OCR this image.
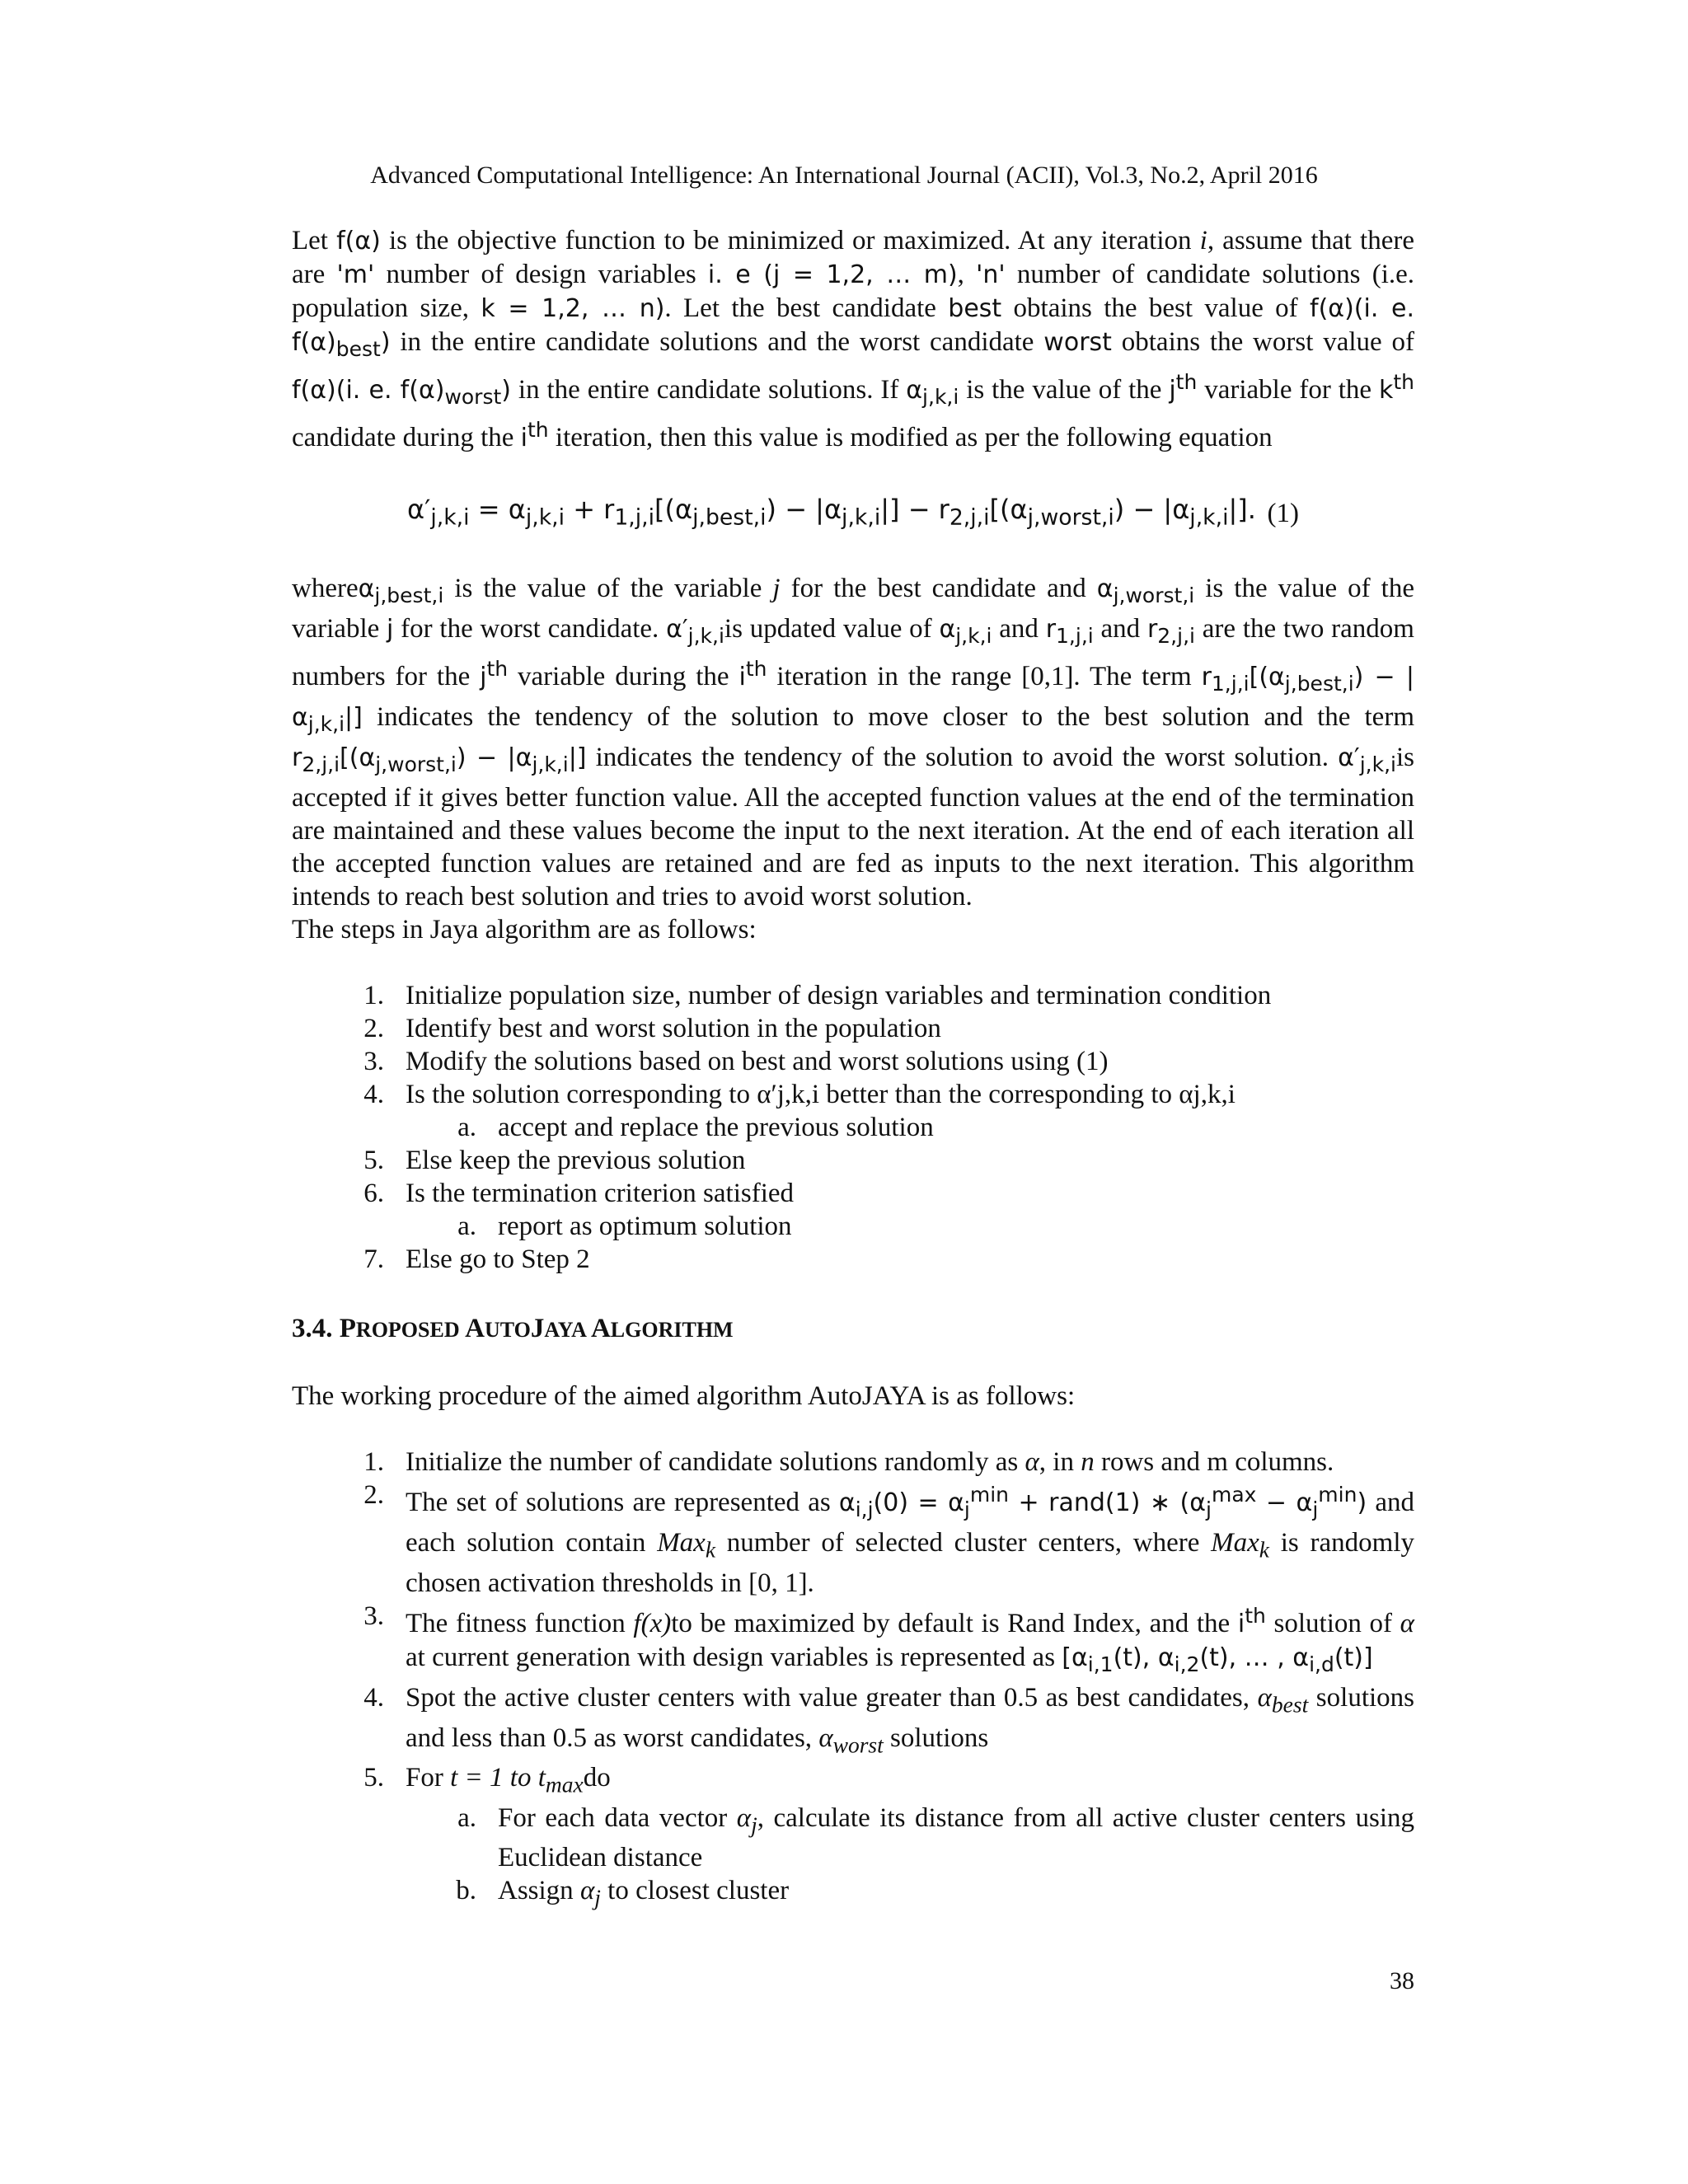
Advanced Computational Intelligence: An International Journal (ACII), Vol.3, No.2, April 2016

Let f(α) is the objective function to be minimized or maximized. At any iteration i, assume that there are 'm' number of design variables i. e (j = 1,2, … m), 'n' number of candidate solutions (i.e. population size, k = 1,2, … n). Let the best candidate best obtains the best value of f(α)(i. e. $f(\alpha)_{best}$) in the entire candidate solutions and the worst candidate worst obtains the worst value of f(α)(i. e. $f(\alpha)_{worst}$) in the entire candidate solutions. If $\alpha_{j,k,i}$ is the value of the $j^{th}$ variable for the $k^{th}$ candidate during the $i^{th}$ iteration, then this value is modified as per the following equation

$\alpha'_{j,k,i} = \alpha_{j,k,i} + r_{1,j,i}[(\alpha_{j,best,i}) - |\alpha_{j,k,i}|] - r_{2,j,i}[(\alpha_{j,worst,i}) - |\alpha_{j,k,i}|]$. (1)

whereα$_{j,best,i}$ is the value of the variable j for the best candidate and $\alpha_{j,worst,i}$ is the value of the variable j for the worst candidate. $\alpha'_{j,k,i}is$ updated value of $\alpha_{j,k,i}$ and $r_{1,j,i}$ and $r_{2,j,i}$ are the two random numbers for the $j^{th}$ variable during the $i^{th}$ iteration in the range [0,1]. The term $r_{1,j,i}[(\alpha_{j,best,i}) - |\alpha_{j,k,i}|]$ indicates the tendency of the solution to move closer to the best solution and the term $r_{2,j,i}[(\alpha_{j,worst,i}) - |\alpha_{j,k,i}|]$ indicates the tendency of the solution to avoid the worst solution. $\alpha'_{j,k,i}is$ accepted if it gives better function value. All the accepted function values at the end of the termination are maintained and these values become the input to the next iteration. At the end of each iteration all the accepted function values are retained and are fed as inputs to the next iteration. This algorithm intends to reach best solution and tries to avoid worst solution.

The steps in Jaya algorithm are as follows:

1. Initialize population size, number of design variables and termination condition
2. Identify best and worst solution in the population
3. Modify the solutions based on best and worst solutions using (1)
4. Is the solution corresponding to α′j,k,i better than the corresponding to αj,k,i
a. accept and replace the previous solution
5. Else keep the previous solution
6. Is the termination criterion satisfied
a. report as optimum solution
7. Else go to Step 2
3.4. PROPOSED AUTOJAYA ALGORITHM

The working procedure of the aimed algorithm AutoJAYA is as follows:

1. Initialize the number of candidate solutions randomly as α, in n rows and m columns.
2. The set of solutions are represented as $\alpha_{i,j}(0) = \alpha_j^{min}$ + rand(1) ∗ $(\alpha_j^{max} - \alpha_j^{min})$ and each solution contain Max$_k$ number of selected cluster centers, where Max$_k$ is randomly chosen activation thresholds in [0, 1].
3. The fitness function f(x)to be maximized by default is Rand Index, and the $i^{th}$ solution of α at current generation with design variables is represented as [$\alpha_{i,1}(t)$, $\alpha_{i,2}(t)$, … , $\alpha_{i,d}(t)$]
4. Spot the active cluster centers with value greater than 0.5 as best candidates, $\alpha_{best}$ solutions and less than 0.5 as worst candidates, $\alpha_{worst}$ solutions
5. For t = 1 to $t_{max}do$
a. For each data vector $\alpha_j$, calculate its distance from all active cluster centers using Euclidean distance
b. Assign $\alpha_j$ to closest cluster
38
